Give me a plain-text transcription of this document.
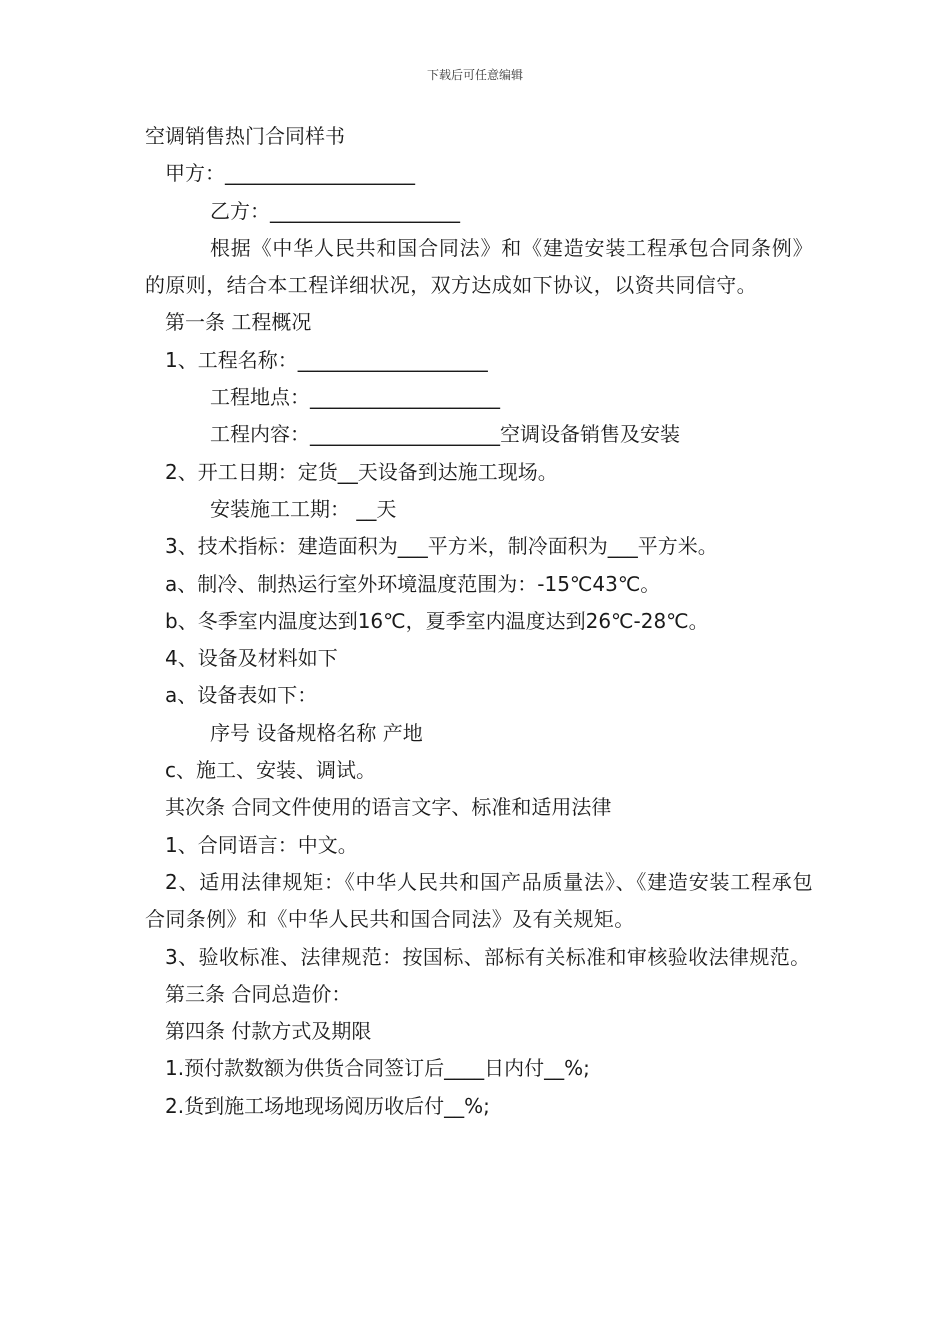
下载后可任意编辑
空调销售热门合同样书
甲方：___________________
乙方：___________________
根据《中华人民共和国合同法》和《建造安装工程承包合同条例》的原则，结合本工程详细状况，双方达成如下协议，以资共同信守。
第一条 工程概况
1、工程名称：___________________
工程地点：___________________
工程内容：___________________空调设备销售及安装
2、开工日期：定货__天设备到达施工现场。
安装施工工期： __天
3、技术指标：建造面积为___平方米，制冷面积为___平方米。
a、制冷、制热运行室外环境温度范围为：-15℃43℃。
b、冬季室内温度达到16℃，夏季室内温度达到26℃-28℃。
4、设备及材料如下
a、设备表如下：
序号 设备规格名称 产地
c、施工、安装、调试。
其次条 合同文件使用的语言文字、标准和适用法律
1、合同语言：中文。
2、适用法律规矩：《中华人民共和国产品质量法》、《建造安装工程承包合同条例》和《中华人民共和国合同法》及有关规矩。
3、验收标准、法律规范：按国标、部标有关标准和审核验收法律规范。
第三条 合同总造价：
第四条 付款方式及期限
1.预付款数额为供货合同签订后____日内付__%;
2.货到施工场地现场阅历收后付__%;
